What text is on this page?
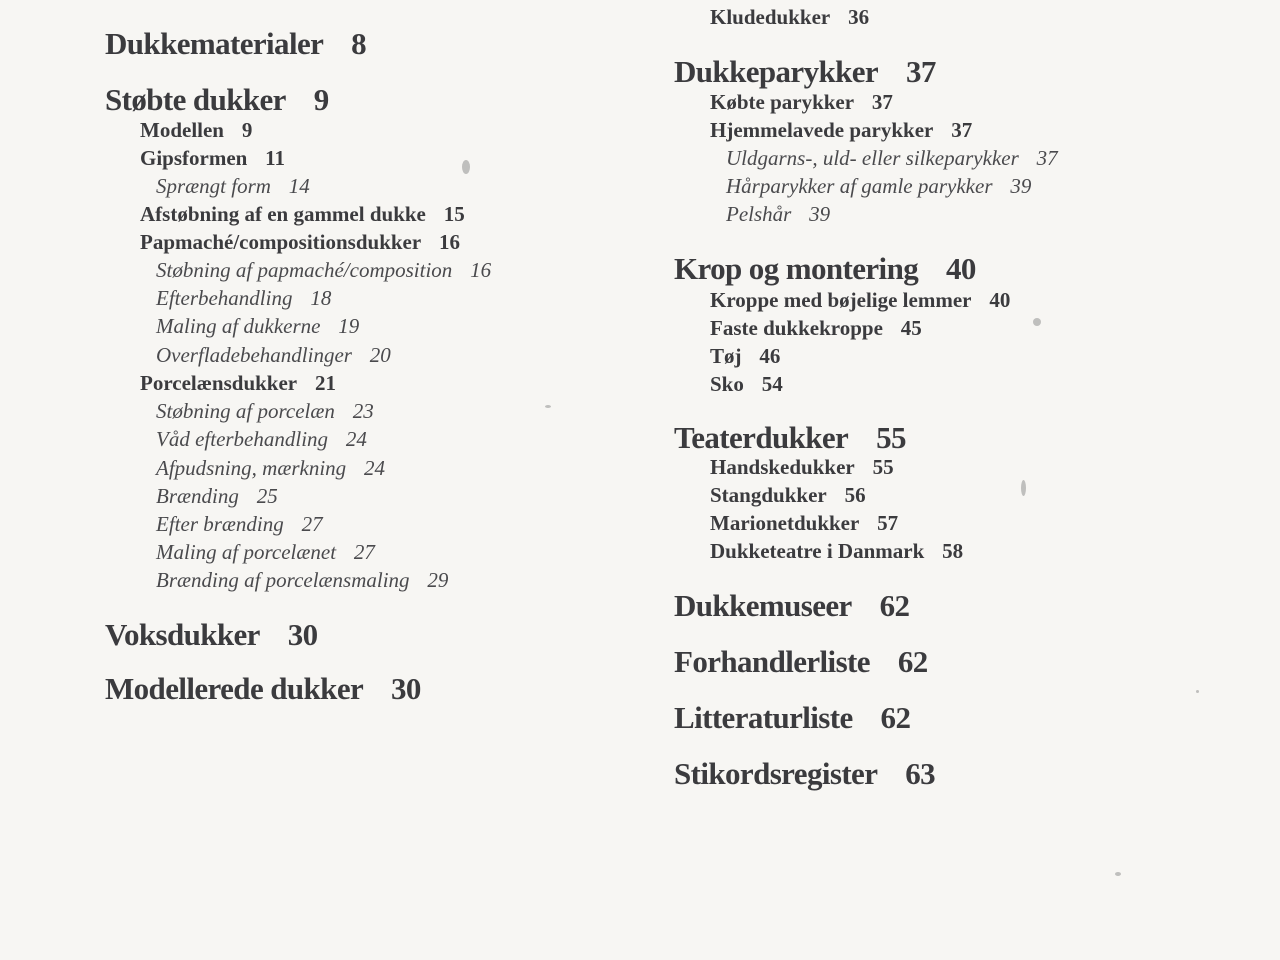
Dukkematerialer 8
Støbte dukker 9
Modellen 9
Gipsformen 11
Sprængt form 14
Afstøbning af en gammel dukke 15
Papmaché/compositionsdukker 16
Støbning af papmaché/composition 16
Efterbehandling 18
Maling af dukkerne 19
Overfladebehandlinger 20
Porcelænsdukker 21
Støbning af porcelæn 23
Våd efterbehandling 24
Afpudsning, mærkning 24
Brænding 25
Efter brænding 27
Maling af porcelænet 27
Brænding af porcelænsmaling 29
Voksdukker 30
Modellerede dukker 30
Kludedukker 36
Dukkeparykker 37
Købte parykker 37
Hjemmelavede parykker 37
Uldgarns-, uld- eller silkeparykker 37
Hårparykker af gamle parykker 39
Pelshår 39
Krop og montering 40
Kroppe med bøjelige lemmer 40
Faste dukkekroppe 45
Tøj 46
Sko 54
Teaterdukker 55
Handskedukker 55
Stangdukker 56
Marionetdukker 57
Dukketeatre i Danmark 58
Dukkemuseer 62
Forhandlerliste 62
Litteraturliste 62
Stikordsregister 63
